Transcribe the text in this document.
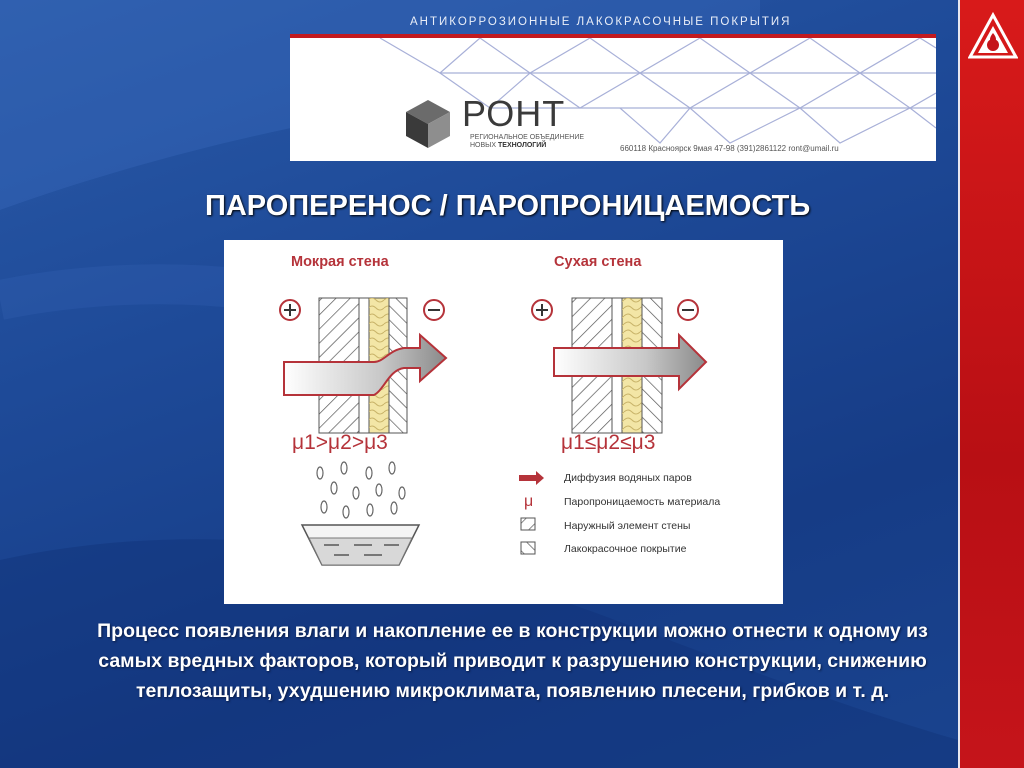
АНТИКОРРОЗИОННЫЕ ЛАКОКРАСОЧНЫЕ ПОКРЫТИЯ
РОНТ
РЕГИОНАЛЬНОЕ ОБЪЕДИНЕНИЕ
НОВЫХ ТЕХНОЛОГИЙ	660118 Красноярск 9мая 47-98 (391)2861122 ront@umail.ru
ПАРОПЕРЕНОС / ПАРОПРОНИЦАЕМОСТЬ
μ
Мокрая стена	Сухая стена
μ1>μ2>μ3	μ1≤μ2≤μ3
Диффузия водяных паров
Паропроницаемость материала
Наружный элемент стены
Лакокрасочное покрытие
Процесс появления влаги и накопление ее в конструкции можно отнести к одному из самых вредных факторов, который приводит к разрушению конструкции, снижению теплозащиты, ухудшению микроклимата, появлению плесени, грибков и т. д.
